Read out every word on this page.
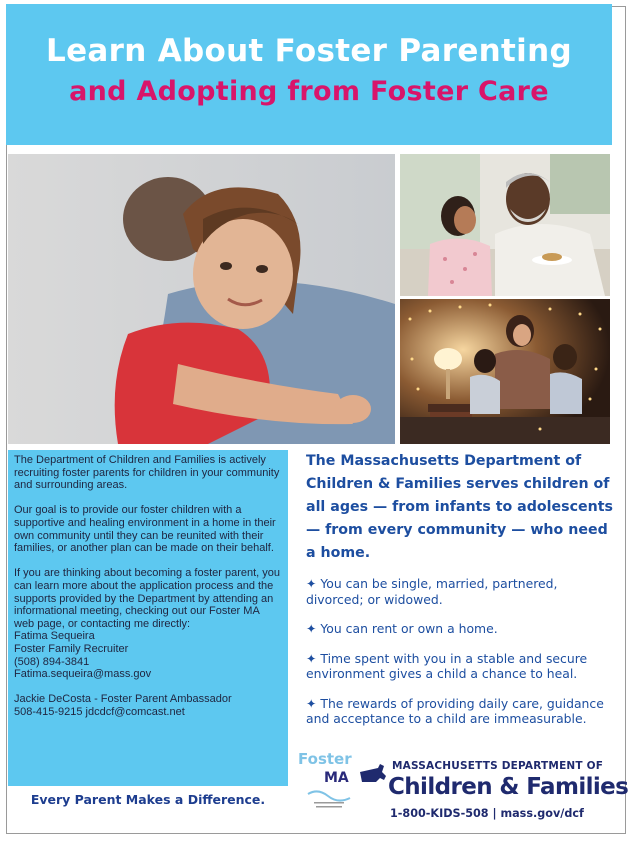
Learn About Foster Parenting
and Adopting from Foster Care

The Department of Children and Families is actively recruiting foster parents for children in your community and surrounding areas.

Our goal is to provide our foster children with a supportive and healing environment in a home in their own community until they can be reunited with their families, or another plan can be made on their behalf.

If you are thinking about becoming a foster parent, you can learn more about the application process and the supports provided by the Department by attending an informational meeting, checking out our Foster MA web page, or contacting me directly:

Fatima Sequeira
Foster Family Recruiter
(508) 894-3841
Fatima.sequeira@mass.gov
Jackie DeCosta - Foster Parent Ambassador
508-415-9215 jdcdcf@comcast.net
Every Parent Makes a Difference.
The Massachusetts Department of Children & Families serves children of all ages — from infants to adolescents — from every community — who need a home.
✦ You can be single, married, partnered, divorced; or widowed.
✦ You can rent or own a home.
✦ Time spent with you in a stable and secure environment gives a child a chance to heal.
✦ The rewards of providing daily care, guidance and acceptance to a child are immeasurable.
Foster
MA
MASSACHUSETTS DEPARTMENT OF
Children & Families
1-800-KIDS-508 | mass.gov/dcf
